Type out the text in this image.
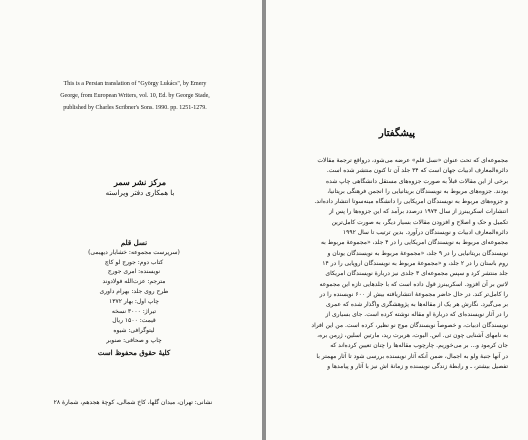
This is a Persian translation of "György Lukács", by Emery
George, from European Writers, vol. 10, Ed. by George Stade,
published by Charles Scribner's Sons. 1990. pp. 1251-1279.
مرکز نشر سمر
با همکاری دفتر ویراسته
نسل قلم
(سرپرست مجموعه: خشایار دیهیمی)
کتاب دوم: جورج لو کاچ
نویسنده: امری جورج
مترجم: عزت‌الله فولادوند
طرح روی جلد: بهرام داوری
چاپ اول: بهار ۱۳۷۲
تیراژ: ۳۰۰۰ نسخه
قیمت: ۱۵۰۰ ریال
لیتوگرافی: شیوه
چاپ و صحافی: صنوبر
کلیهٔ حقوق محفوظ است
نشانی: تهران، میدان گلها، کاخ شمالی، کوچهٔ هجدهم، شمارهٔ ۲۸
پیشگفتار
مجموعه‌ای که تحت عنوان «نسل قلم» عرضه می‌شود، درواقع ترجمهٔ مقالات
دائرةالمعارف ادبیات جهان است که ۳۴ جلد آن تا کنون منتشر شده است.
برخی از این مقالات قبلاً به صورت جزوه‌های مستقل دانشگاهی چاپ شده
بودند. جزوه‌های مربوط به نویسندگان بریتانیایی را انجمن فرهنگی بریتانیا،
و جزوه‌های مربوط به نویسندگان امریکایی را دانشگاه مینه‌سوتا انتشار داده‌اند.
انتشارات اسکریبنرز از سال ۱۹۷۴ درصدد برآمد که این جزوه‌ها را پس از
تکمیل و حک و اصلاح و افزودن مقالات بسیار دیگر، به صورت کامل‌ترین
دائرةالمعارف ادبیات و نویسندگان درآورد. بدین ترتیب تا سال ۱۹۹۲
مجموعه‌ای مربوط به نویسندگان امریکایی را در ۴ جلد، «مجموعهٔ مربوط به
نویسندگان بریتانیایی را در ۹ جلد، «مجموعهٔ مربوط به نویسندگان یونان و
روم باستان را در ۲ جلد، و «مجموعهٔ مربوط به نویسندگان اروپایی را در ۱۴
جلد منتشر کرد و سپس مجموعه‌ای ۳ جلدی نیز دربارهٔ نویسندگان امریکای
لاتین بر آن افزود. اسکریبنرز قول داده است که با جلدهایی تازه این مجموعه
را کامل‌تر کند. در حال حاضر مجموعهٔ انتشاریافته بیش از ۶۰۰ نویسنده را در
بر می‌گیرد. نگارش هر یک از مقاله‌ها به پژوهشگری واگذار شده که عمری
را در آثار نویسنده‌ای که دربارهٔ او مقاله نوشته کرده است. جای بسیاری از
نویسندگان ادبیات، و خصوصاً نویسندگان موج نو نظیر، کرده است. من این افراد
به نامهای آشنایی چون تی. اس. الیوت، هربرت رید، مارتین اسلین، ژرمن بره،
جان کرمود و... بر می‌خوریم. چارچوب مقاله‌ها را چنان تعیین کرده‌اند که
در آنها جنبهٔ ولو به اجمال، ضمن آنکه آثار نویسنده بررسی شود تا آثار مهمتر با
تفصیل بیشتر، ـ و رابطهٔ زندگی نویسنده و زمانهٔ اش نیز با آثار و پیامدها و
